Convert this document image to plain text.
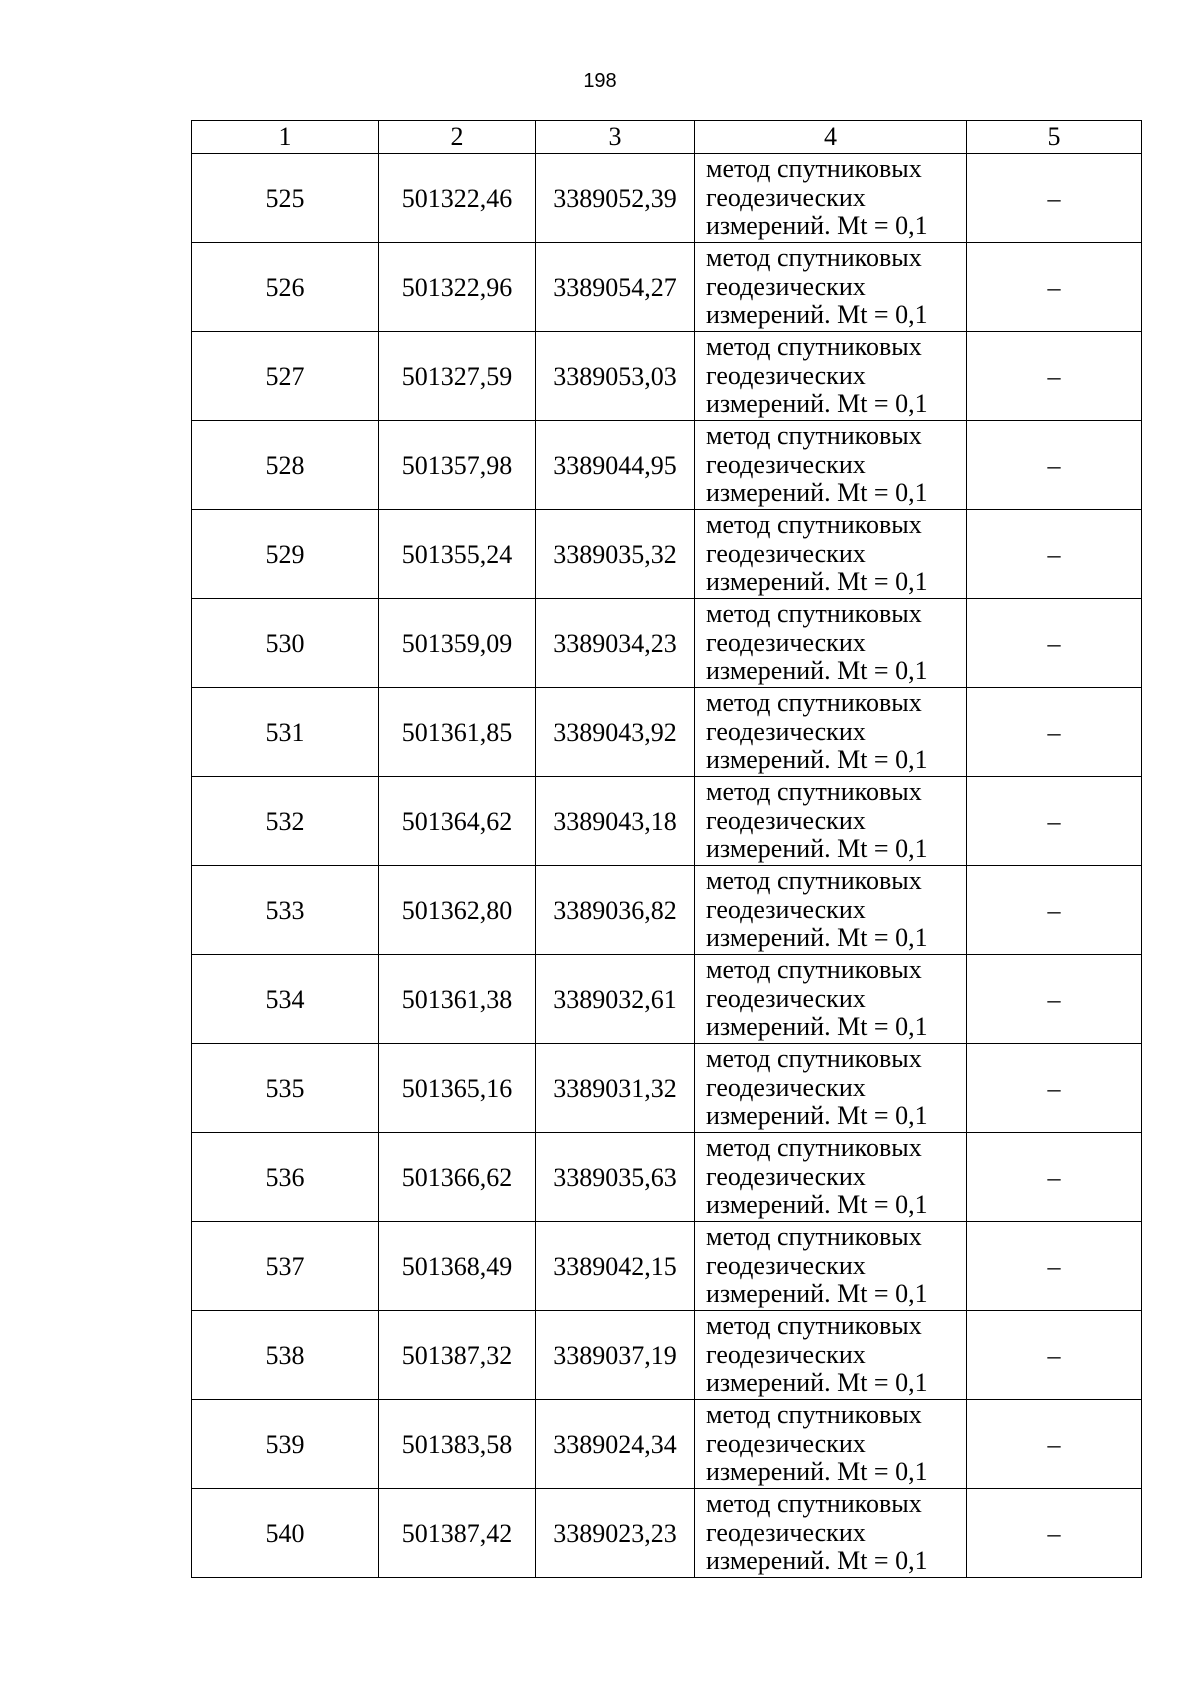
198
1	2	3	4	5
525	501322,46	3389052,39	метод спутниковых
геодезических
измерений. Mt = 0,1	–
526	501322,96	3389054,27	метод спутниковых
геодезических
измерений. Mt = 0,1	–
527	501327,59	3389053,03	метод спутниковых
геодезических
измерений. Mt = 0,1	–
528	501357,98	3389044,95	метод спутниковых
геодезических
измерений. Mt = 0,1	–
529	501355,24	3389035,32	метод спутниковых
геодезических
измерений. Mt = 0,1	–
530	501359,09	3389034,23	метод спутниковых
геодезических
измерений. Mt = 0,1	–
531	501361,85	3389043,92	метод спутниковых
геодезических
измерений. Mt = 0,1	–
532	501364,62	3389043,18	метод спутниковых
геодезических
измерений. Mt = 0,1	–
533	501362,80	3389036,82	метод спутниковых
геодезических
измерений. Mt = 0,1	–
534	501361,38	3389032,61	метод спутниковых
геодезических
измерений. Mt = 0,1	–
535	501365,16	3389031,32	метод спутниковых
геодезических
измерений. Mt = 0,1	–
536	501366,62	3389035,63	метод спутниковых
геодезических
измерений. Mt = 0,1	–
537	501368,49	3389042,15	метод спутниковых
геодезических
измерений. Mt = 0,1	–
538	501387,32	3389037,19	метод спутниковых
геодезических
измерений. Mt = 0,1	–
539	501383,58	3389024,34	метод спутниковых
геодезических
измерений. Mt = 0,1	–
540	501387,42	3389023,23	метод спутниковых
геодезических
измерений. Mt = 0,1	–
